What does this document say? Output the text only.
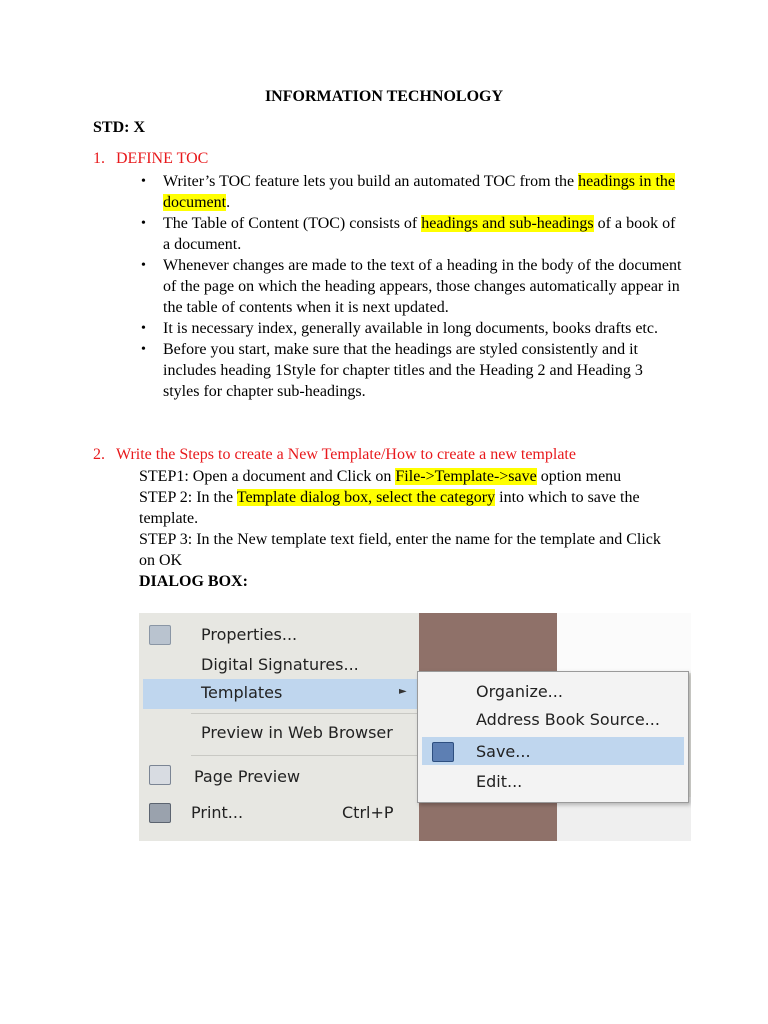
INFORMATION TECHNOLOGY
STD: X
1. DEFINE TOC
• Writer’s TOC feature lets you build an automated TOC from the headings in the document.
• The Table of Content (TOC) consists of headings and sub-headings of a book of a document.
• Whenever changes are made to the text of a heading in the body of the document of the page on which the heading appears, those changes automatically appear in the table of contents when it is next updated.
• It is necessary index, generally available in long documents, books drafts etc.
• Before you start, make sure that the headings are styled consistently and it includes heading 1Style for chapter titles and the Heading 2 and Heading 3 styles for chapter sub-headings.
2. Write the Steps to create a New Template/How to create a new template

STEP1: Open a document and Click on File->Template->save option menu

STEP 2: In the Template dialog box, select the category into which to save the template.

STEP 3: In the New template text field, enter the name for the template and Click on OK

DIALOG BOX:

Properties...
Digital Signatures...
Templates	►
Preview in Web Browser
Page Preview
Print...	Ctrl+P
Organize...
Address Book Source...
Save...
Edit...
